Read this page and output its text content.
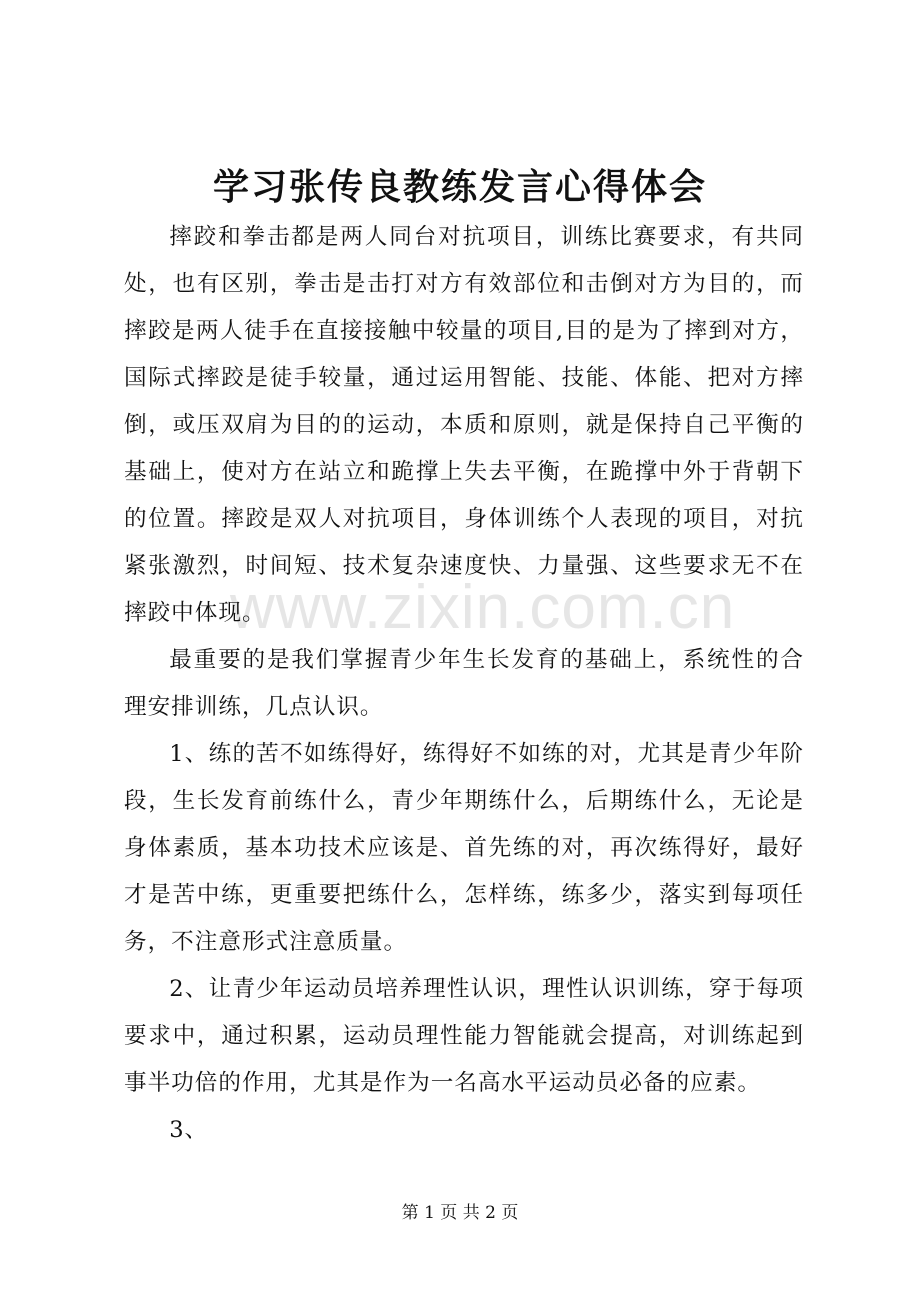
www.zixin.com.cn
学习张传良教练发言心得体会

摔跤和拳击都是两人同台对抗项目，训练比赛要求，有共同处，也有区别，拳击是击打对方有效部位和击倒对方为目的，而摔跤是两人徒手在直接接触中较量的项目,目的是为了摔到对方，国际式摔跤是徒手较量，通过运用智能、技能、体能、把对方摔倒，或压双肩为目的的运动，本质和原则，就是保持自己平衡的基础上，使对方在站立和跪撑上失去平衡，在跪撑中外于背朝下的位置。摔跤是双人对抗项目，身体训练个人表现的项目，对抗紧张激烈，时间短、技术复杂速度快、力量强、这些要求无不在摔跤中体现。

最重要的是我们掌握青少年生长发育的基础上，系统性的合理安排训练，几点认识。

1、练的苦不如练得好，练得好不如练的对，尤其是青少年阶段，生长发育前练什么，青少年期练什么，后期练什么，无论是身体素质，基本功技术应该是、首先练的对，再次练得好，最好才是苦中练，更重要把练什么，怎样练，练多少，落实到每项任务，不注意形式注意质量。

2、让青少年运动员培养理性认识，理性认识训练，穿于每项要求中，通过积累，运动员理性能力智能就会提高，对训练起到事半功倍的作用，尤其是作为一名高水平运动员必备的应素。

3、

第 1 页 共 2 页
